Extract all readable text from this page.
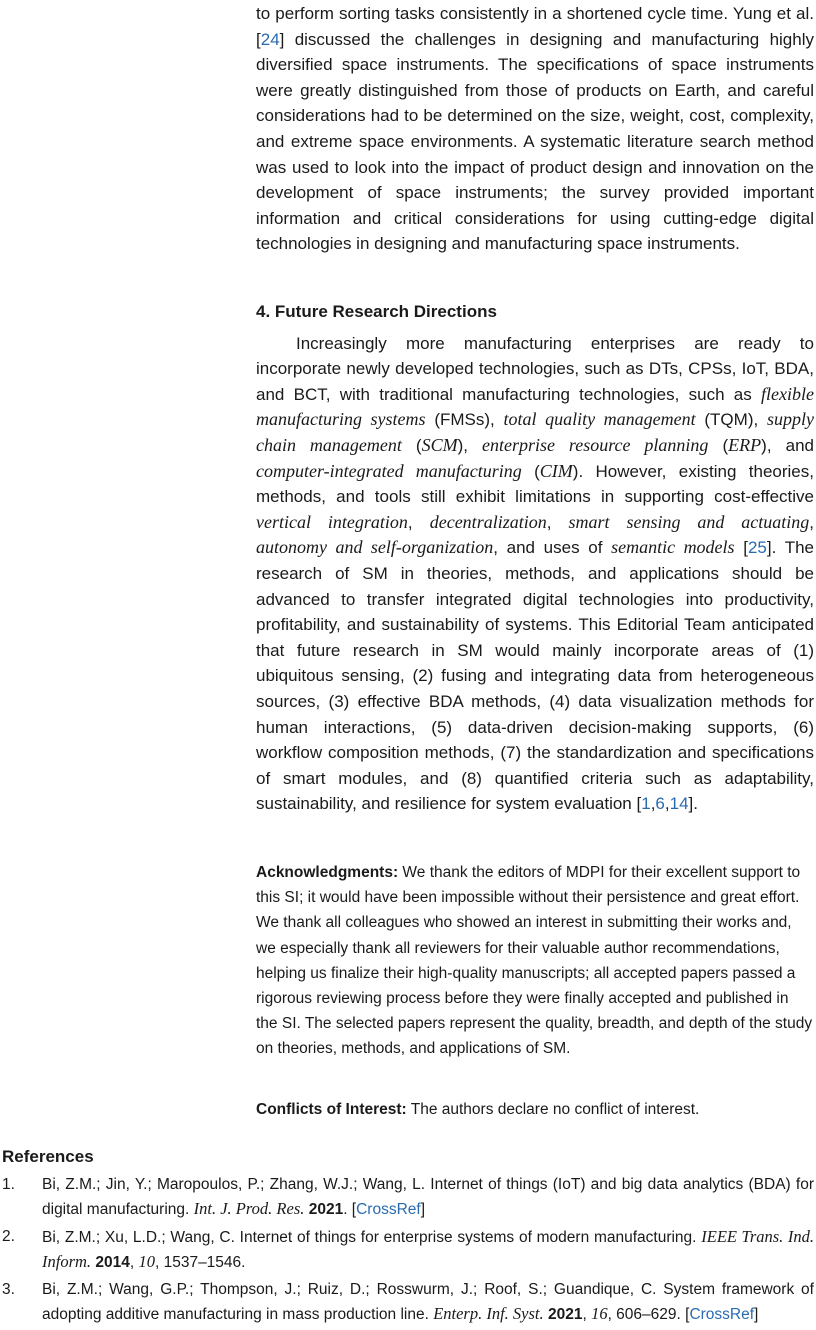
to perform sorting tasks consistently in a shortened cycle time. Yung et al. [24] discussed the challenges in designing and manufacturing highly diversified space instruments. The specifications of space instruments were greatly distinguished from those of products on Earth, and careful considerations had to be determined on the size, weight, cost, complexity, and extreme space environments. A systematic literature search method was used to look into the impact of product design and innovation on the development of space instruments; the survey provided important information and critical considerations for using cutting-edge digital technologies in designing and manufacturing space instruments.

4. Future Research Directions

Increasingly more manufacturing enterprises are ready to incorporate newly developed technologies, such as DTs, CPSs, IoT, BDA, and BCT, with traditional manufacturing technologies, such as flexible manufacturing systems (FMSs), total quality management (TQM), supply chain management (SCM), enterprise resource planning (ERP), and computer-integrated manufacturing (CIM). However, existing theories, methods, and tools still exhibit limitations in supporting cost-effective vertical integration, decentralization, smart sensing and actuating, autonomy and self-organization, and uses of semantic models [25]. The research of SM in theories, methods, and applications should be advanced to transfer integrated digital technologies into productivity, profitability, and sustainability of systems. This Editorial Team anticipated that future research in SM would mainly incorporate areas of (1) ubiquitous sensing, (2) fusing and integrating data from heterogeneous sources, (3) effective BDA methods, (4) data visualization methods for human interactions, (5) data-driven decision-making supports, (6) workflow composition methods, (7) the standardization and specifications of smart modules, and (8) quantified criteria such as adaptability, sustainability, and resilience for system evaluation [1,6,14].

Acknowledgments: We thank the editors of MDPI for their excellent support to this SI; it would have been impossible without their persistence and great effort. We thank all colleagues who showed an interest in submitting their works and, we especially thank all reviewers for their valuable author recommendations, helping us finalize their high-quality manuscripts; all accepted papers passed a rigorous reviewing process before they were finally accepted and published in the SI. The selected papers represent the quality, breadth, and depth of the study on theories, methods, and applications of SM.

Conflicts of Interest: The authors declare no conflict of interest.

References
1. Bi, Z.M.; Jin, Y.; Maropoulos, P.; Zhang, W.J.; Wang, L. Internet of things (IoT) and big data analytics (BDA) for digital manufacturing. Int. J. Prod. Res. 2021. [CrossRef]
2. Bi, Z.M.; Xu, L.D.; Wang, C. Internet of things for enterprise systems of modern manufacturing. IEEE Trans. Ind. Inform. 2014, 10, 1537–1546.
3. Bi, Z.M.; Wang, G.P.; Thompson, J.; Ruiz, D.; Rosswurm, J.; Roof, S.; Guandique, C. System framework of adopting additive manufacturing in mass production line. Enterp. Inf. Syst. 2021, 16, 606–629. [CrossRef]
